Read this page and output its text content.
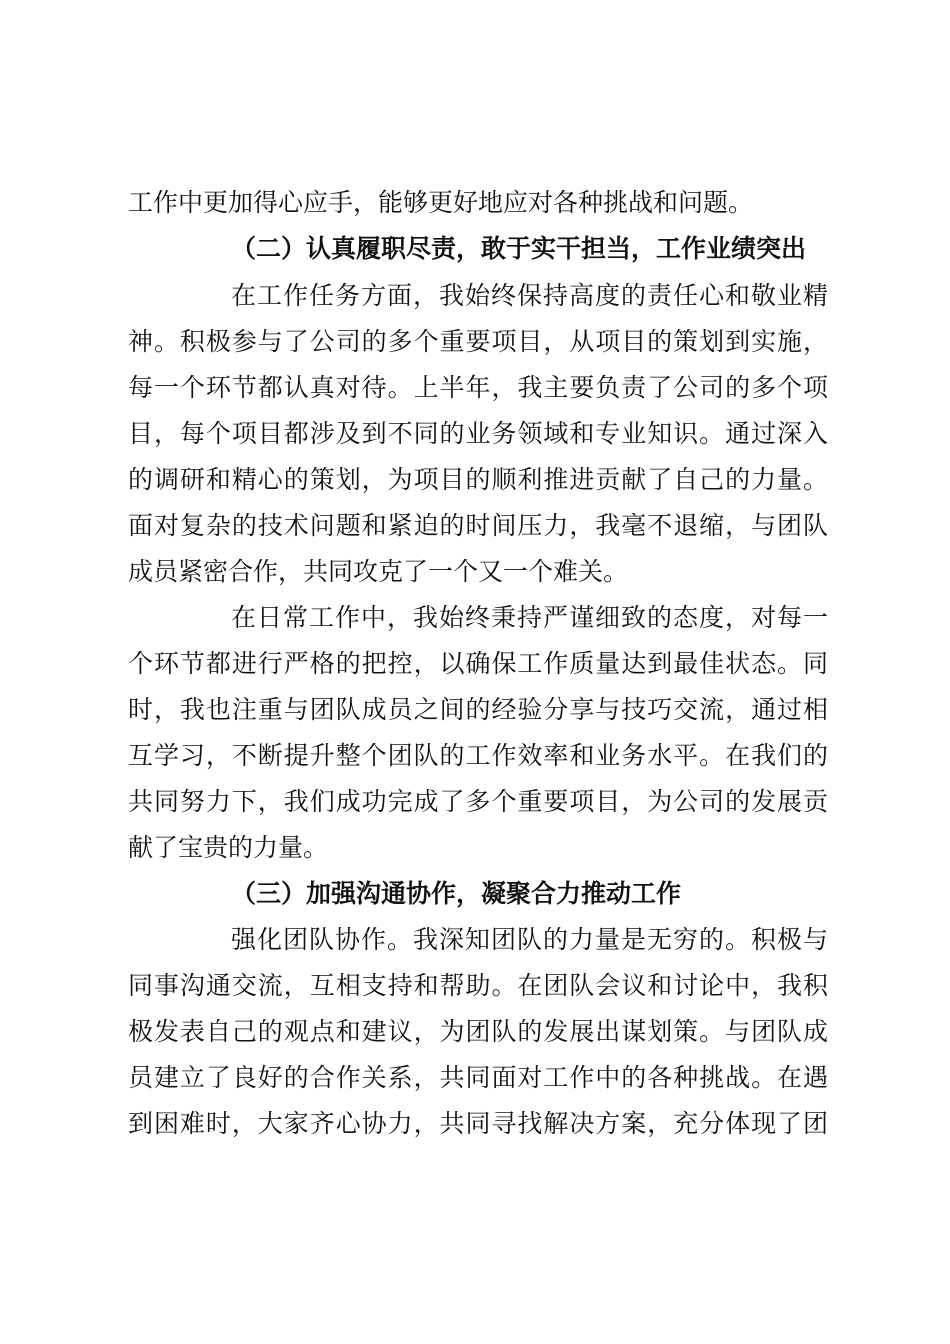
工作中更加得心应手，能够更好地应对各种挑战和问题。
（二）认真履职尽责，敢于实干担当，工作业绩突出
在工作任务方面，我始终保持高度的责任心和敬业精
神。积极参与了公司的多个重要项目，从项目的策划到实施，
每一个环节都认真对待。上半年，我主要负责了公司的多个项
目，每个项目都涉及到不同的业务领域和专业知识。通过深入
的调研和精心的策划，为项目的顺利推进贡献了自己的力量。
面对复杂的技术问题和紧迫的时间压力，我毫不退缩，与团队
成员紧密合作，共同攻克了一个又一个难关。
在日常工作中，我始终秉持严谨细致的态度，对每一
个环节都进行严格的把控，以确保工作质量达到最佳状态。同
时，我也注重与团队成员之间的经验分享与技巧交流，通过相
互学习，不断提升整个团队的工作效率和业务水平。在我们的
共同努力下，我们成功完成了多个重要项目，为公司的发展贡
献了宝贵的力量。
（三）加强沟通协作，凝聚合力推动工作
强化团队协作。我深知团队的力量是无穷的。积极与
同事沟通交流，互相支持和帮助。在团队会议和讨论中，我积
极发表自己的观点和建议，为团队的发展出谋划策。与团队成
员建立了良好的合作关系，共同面对工作中的各种挑战。在遇
到困难时，大家齐心协力，共同寻找解决方案，充分体现了团
